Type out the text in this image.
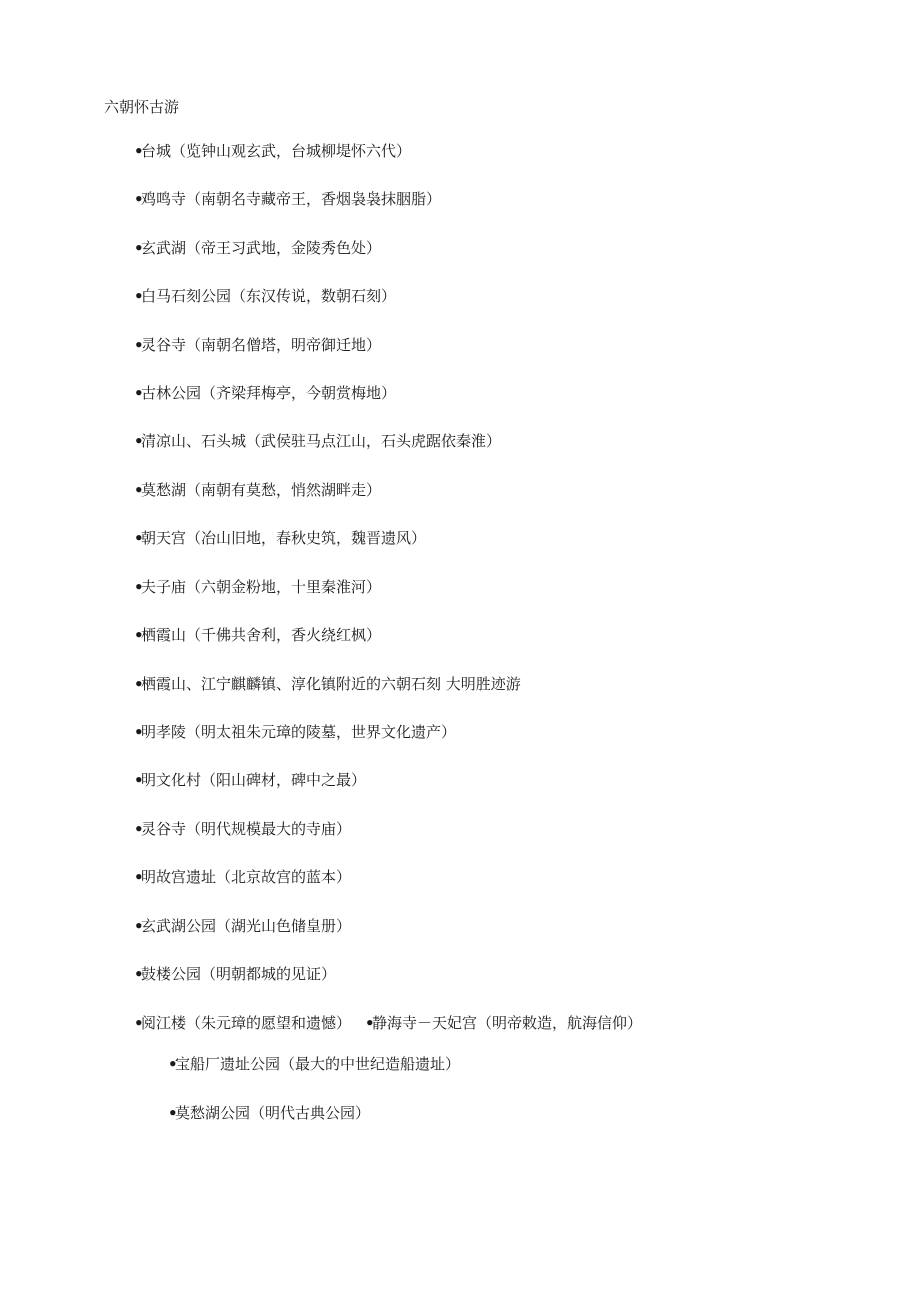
六朝怀古游
•台城（览钟山观玄武，台城柳堤怀六代）
•鸡鸣寺（南朝名寺藏帝王，香烟袅袅抹胭脂）
•玄武湖（帝王习武地，金陵秀色处）
•白马石刻公园（东汉传说，数朝石刻）
•灵谷寺（南朝名僧塔，明帝御迁地）
•古林公园（齐梁拜梅亭，今朝赏梅地）
•清凉山、石头城（武侯驻马点江山，石头虎踞依秦淮）
•莫愁湖（南朝有莫愁，悄然湖畔走）
•朝天宫（冶山旧地，春秋史筑，魏晋遗风）
•夫子庙（六朝金粉地，十里秦淮河）
•栖霞山（千佛共舍利，香火绕红枫）
•栖霞山、江宁麒麟镇、淳化镇附近的六朝石刻 大明胜迹游
•明孝陵（明太祖朱元璋的陵墓，世界文化遗产）
•明文化村（阳山碑材，碑中之最）
•灵谷寺（明代规模最大的寺庙）
•明故宫遗址（北京故宫的蓝本）
•玄武湖公园（湖光山色储皇册）
•鼓楼公园（明朝都城的见证）
•阅江楼（朱元璋的愿望和遗憾） •静海寺－天妃宫（明帝敕造，航海信仰）
•宝船厂遗址公园（最大的中世纪造船遗址）
•莫愁湖公园（明代古典公园）
